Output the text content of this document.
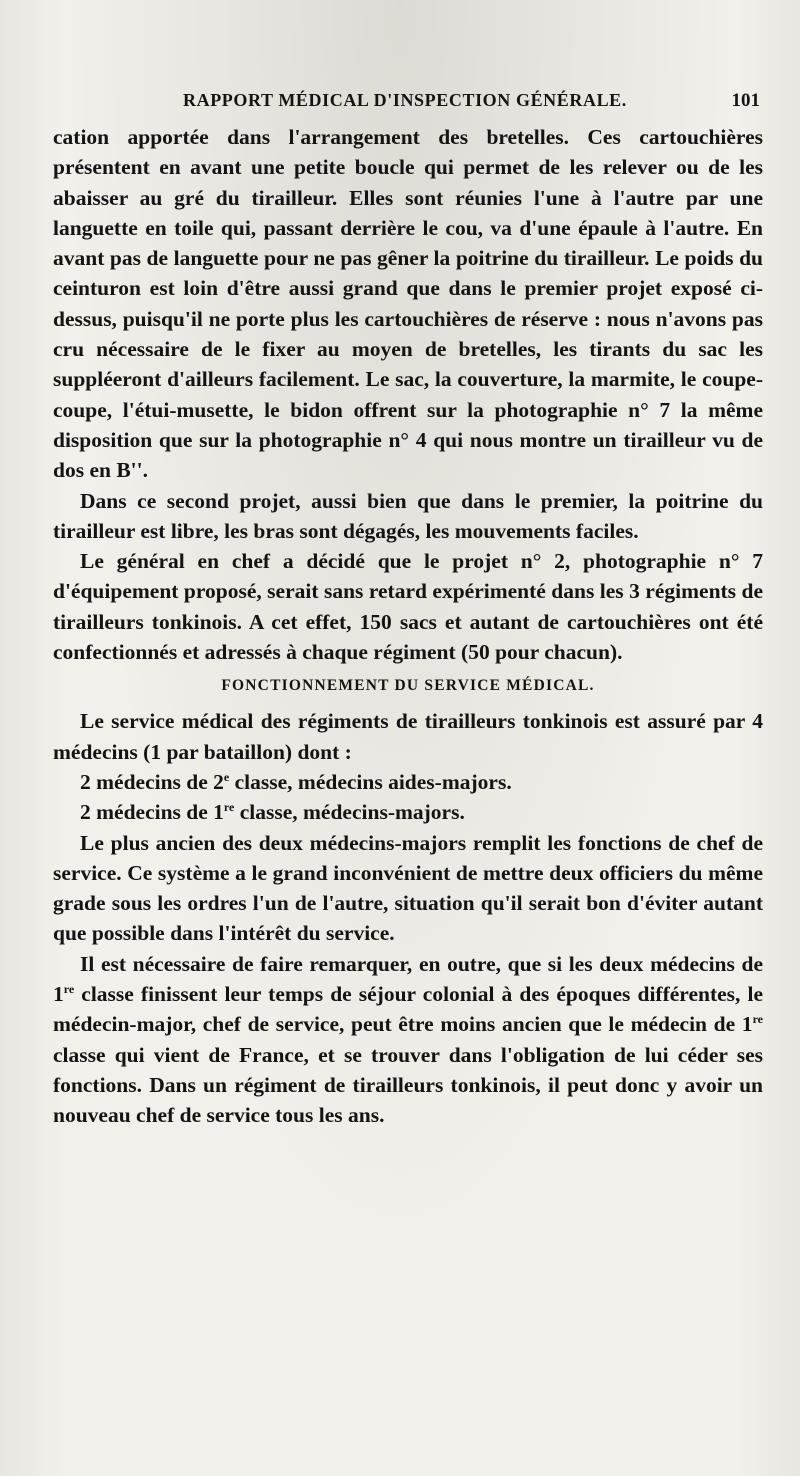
RAPPORT MÉDICAL D'INSPECTION GÉNÉRALE.	101

cation apportée dans l'arrangement des bretelles. Ces cartouchières présentent en avant une petite boucle qui permet de les relever ou de les abaisser au gré du tirailleur. Elles sont réunies l'une à l'autre par une languette en toile qui, passant derrière le cou, va d'une épaule à l'autre. En avant pas de languette pour ne pas gêner la poitrine du tirailleur. Le poids du ceinturon est loin d'être aussi grand que dans le premier projet exposé ci-dessus, puisqu'il ne porte plus les cartouchières de réserve : nous n'avons pas cru nécessaire de le fixer au moyen de bretelles, les tirants du sac les suppléeront d'ailleurs facilement. Le sac, la couverture, la marmite, le coupe-coupe, l'étui-musette, le bidon offrent sur la photographie n° 7 la même disposition que sur la photographie n° 4 qui nous montre un tirailleur vu de dos en B''.

Dans ce second projet, aussi bien que dans le premier, la poitrine du tirailleur est libre, les bras sont dégagés, les mouvements faciles.

Le général en chef a décidé que le projet n° 2, photographie n° 7 d'équipement proposé, serait sans retard expérimenté dans les 3 régiments de tirailleurs tonkinois. A cet effet, 150 sacs et autant de cartouchières ont été confectionnés et adressés à chaque régiment (50 pour chacun).

FONCTIONNEMENT DU SERVICE MÉDICAL.

Le service médical des régiments de tirailleurs tonkinois est assuré par 4 médecins (1 par bataillon) dont :

2 médecins de 2e classe, médecins aides-majors.

2 médecins de 1re classe, médecins-majors.

Le plus ancien des deux médecins-majors remplit les fonctions de chef de service. Ce système a le grand inconvénient de mettre deux officiers du même grade sous les ordres l'un de l'autre, situation qu'il serait bon d'éviter autant que possible dans l'intérêt du service.

Il est nécessaire de faire remarquer, en outre, que si les deux médecins de 1re classe finissent leur temps de séjour colonial à des époques différentes, le médecin-major, chef de service, peut être moins ancien que le médecin de 1re classe qui vient de France, et se trouver dans l'obligation de lui céder ses fonctions. Dans un régiment de tirailleurs tonkinois, il peut donc y avoir un nouveau chef de service tous les ans.
